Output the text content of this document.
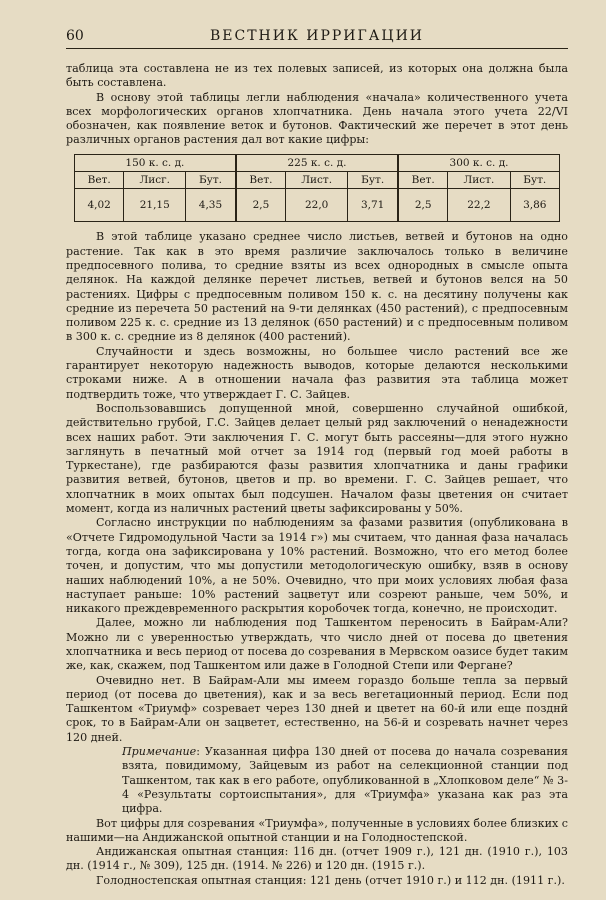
60	ВЕСТНИК ИРРИГАЦИИ

таблица эта составлена не из тех полевых записей, из которых она должна была быть составлена.

В основу этой таблицы легли наблюдения «начала» количественного учета всех морфологических органов хлопчатника. День начала этого учета 22/VI обозначен, как появление веток и бутонов. Фактический же перечет в этот день различных органов растения дал вот какие цифры:

150 к. с. д.			225 к. с. д.			300 к. с. д.		
Вет.	Лисг.	Бут.	Вет.	Лист.	Бут.	Вет.	Лист.	Бут.
4,02	21,15	4,35	2,5	22,0	3,71	2,5	22,2	3,86

В этой таблице указано среднее число листьев, ветвей и бутонов на одно растение. Так как в это время различие заключалось только в величине предпосевного полива, то средние взяты из всех однородных в смысле опыта делянок. На каждой делянке перечет листьев, ветвей и бутонов велся на 50 растениях. Цифры с предпосевным поливом 150 к. с. на десятину получены как средние из перечета 50 растений на 9-ти делянках (450 растений), с предпосевным поливом 225 к. с. средние из 13 делянок (650 растений) и с предпосевным поливом в 300 к. с. средние из 8 делянок (400 растений).

Случайности и здесь возможны, но большее число растений все же гарантирует некоторую надежность выводов, которые делаются несколькими строками ниже. А в отношении начала фаз развития эта таблица может подтвердить тоже, что утверждает Г. С. Зайцев.

Воспользовавшись допущенной мной, совершенно случайной ошибкой, действительно грубой, Г.С. Зайцев делает целый ряд заключений о ненадежности всех наших работ. Эти заключения Г. С. могут быть рассеяны—для этого нужно заглянуть в печатный мой отчет за 1914 год (первый год моей работы в Туркестане), где разбираются фазы развития хлопчатника и даны графики развития ветвей, бутонов, цветов и пр. во времени. Г. С. Зайцев решает, что хлопчатник в моих опытах был подсушен. Началом фазы цветения он считает момент, когда из наличных растений цветы зафиксированы у 50%.

Согласно инструкции по наблюдениям за фазами развития (опубликована в «Отчете Гидромодульной Части за 1914 г») мы считаем, что данная фаза началась тогда, когда она зафиксирована у 10% растений. Возможно, что его метод более точен, и допустим, что мы допустили методологическую ошибку, взяв в основу наших наблюдений 10%, а не 50%. Очевидно, что при моих условиях любая фаза наступает раньше: 10% растений зацветут или созреют раньше, чем 50%, и никакого преждевременного раскрытия коробочек тогда, конечно, не происходит.

Далее, можно ли наблюдения под Ташкентом переносить в Байрам-Али? Можно ли с уверенностью утверждать, что число дней от посева до цветения хлопчатника и весь период от посева до созревания в Мервском оазисе будет таким же, как, скажем, под Ташкентом или даже в Голодной Степи или Фергане?

Очевидно нет. В Байрам-Али мы имеем гораздо больше тепла за первый период (от посева до цветения), как и за весь вегетационный период. Если под Ташкентом «Триумф» созревает через 130 дней и цветет на 60-й или еще позднй срок, то в Байрам-Али он зацветет, естественно, на 56-й и созревать начнет через 120 дней.

Примечание: Указанная цифра 130 дней от посева до начала созревания взята, повидимому, Зайцевым из работ на селекционной станции под Ташкентом, так как в его работе, опубликованной в „Хлопковом деле“ № 3-4 «Результаты сортоиспытания», для «Триумфа» указана как раз эта цифра.

Вот цифры для созревания «Триумфа», полученные в условиях более близких с нашими—на Андижанской опытной станции и на Голодностепской.

Андижанская опытная станция: 116 дн. (отчет 1909 г.), 121 дн. (1910 г.), 103 дн. (1914 г., № 309), 125 дн. (1914. № 226) и 120 дн. (1915 г.).

Голодностепская опытная станция: 121 день (отчет 1910 г.) и 112 дн. (1911 г.).
